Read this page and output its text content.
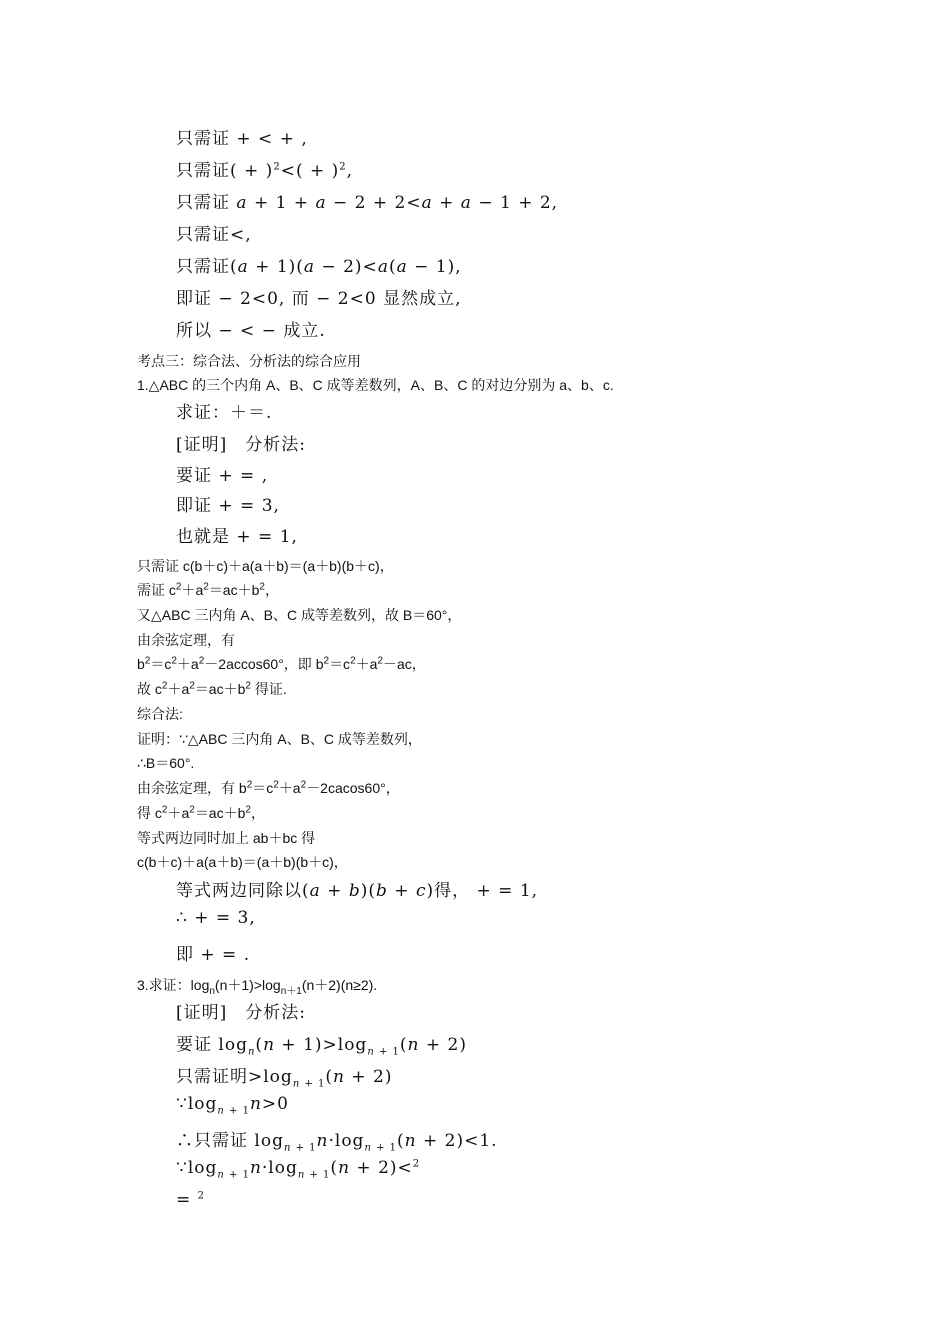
只需证 + < + ,
只需证( + )$^2<( + )^2$,
只需证 a + 1 + a − 2 + 2<a + a − 1 + 2,
只需证<,
只需证(a + 1)(a − 2)<a(a − 1),
即证 − 2<0, 而 − 2<0 显然成立,
所以 − < − 成立.
考点三：综合法、分析法的综合应用
1.△ABC 的三个内角 A、B、C 成等差数列，A、B、C 的对边分别为 a、b、c.
求证：＋＝.
[证明]　分析法:
要证 + = ,
即证 + = 3,
也就是 + = 1,
只需证 c(b＋c)＋a(a＋b)＝(a＋b)(b＋c)，
需证 $c^2+a^2=ac+b^2$，
又△ABC 三内角 A、B、C 成等差数列，故 B＝60°，
由余弦定理，有
$b^2=c^2+a^2-2accos60^\circ$，即 $b^2=c^2+a^2-ac$，
故 $c^2+a^2=ac+b^2$ 得证.
综合法:
证明：∵△ABC 三内角 A、B、C 成等差数列，
∴B＝60°.
由余弦定理，有 $b^2=c^2+a^2-2cacos60^\circ$，
得 $c^2+a^2=ac+b^2$，
等式两边同时加上 ab＋bc 得
c(b＋c)＋a(a＋b)＝(a＋b)(b＋c)，
等式两边同除以(a + b)(b + c)得， + = 1,
∴ + = 3,
即 + = .
3.求证：$\log_n(n+1)>\log_{n+1}(n+2)(n\ge 2)$.
[证明]　分析法:
要证 $\log_n(n + 1)>\log_{n + 1}(n + 2)$
只需证明$>\log_{n + 1}(n + 2)$
$\because\log_{n + 1}n>0$
∴只需证 $\log_{n + 1}n\cdot\log_{n + 1}(n + 2)<1$.
$\because\log_{n + 1}n\cdot\log_{n + 1}(n + 2)<^2$
= $^2$
